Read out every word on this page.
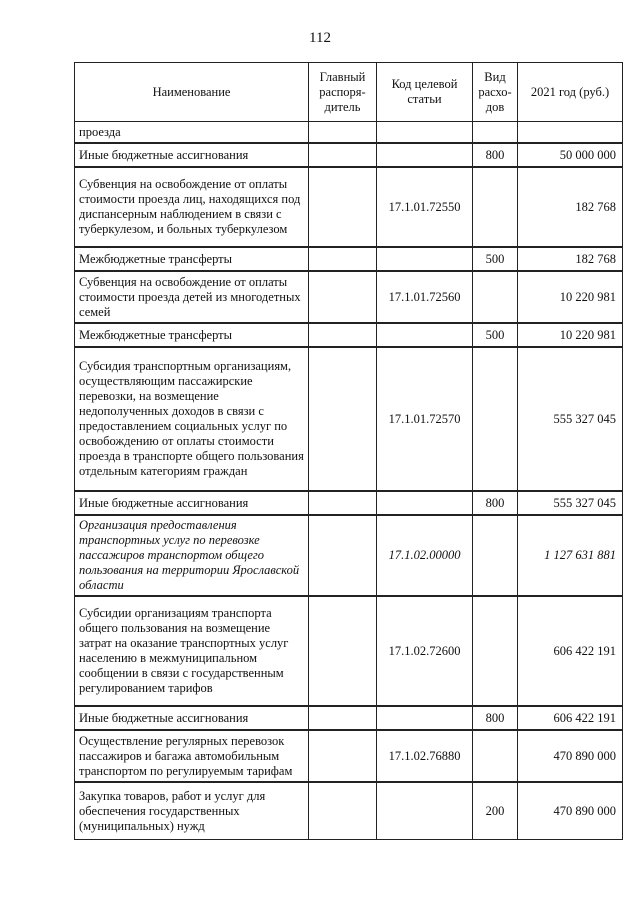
112
Наименование	Главный распоря-дитель	Код целевой статьи	Вид расхо-дов	2021 год (руб.)
проезда				
Иные бюджетные ассигнования			800	50 000 000
Субвенция на освобождение от оплаты стоимости проезда лиц, находящихся под диспансерным наблюдением в связи с туберкулезом, и больных туберкулезом		17.1.01.72550		182 768
Межбюджетные трансферты			500	182 768
Субвенция на освобождение от оплаты стоимости проезда детей из многодетных семей		17.1.01.72560		10 220 981
Межбюджетные трансферты			500	10 220 981
Субсидия транспортным организациям, осуществляющим пассажирские перевозки, на возмещение недополученных доходов в связи с предоставлением социальных услуг по освобождению от оплаты стоимости проезда в транспорте общего пользования отдельным категориям граждан		17.1.01.72570		555 327 045
Иные бюджетные ассигнования			800	555 327 045
Организация предоставления транспортных услуг по перевозке пассажиров транспортом общего пользования на территории Ярославской области		17.1.02.00000		1 127 631 881
Субсидии организациям транспорта общего пользования на возмещение затрат на оказание транспортных услуг населению в межмуниципальном сообщении в связи с государственным регулированием тарифов		17.1.02.72600		606 422 191
Иные бюджетные ассигнования			800	606 422 191
Осуществление регулярных перевозок пассажиров и багажа автомобильным транспортом по регулируемым тарифам		17.1.02.76880		470 890 000
Закупка товаров, работ и услуг для обеспечения государственных (муниципальных) нужд			200	470 890 000
